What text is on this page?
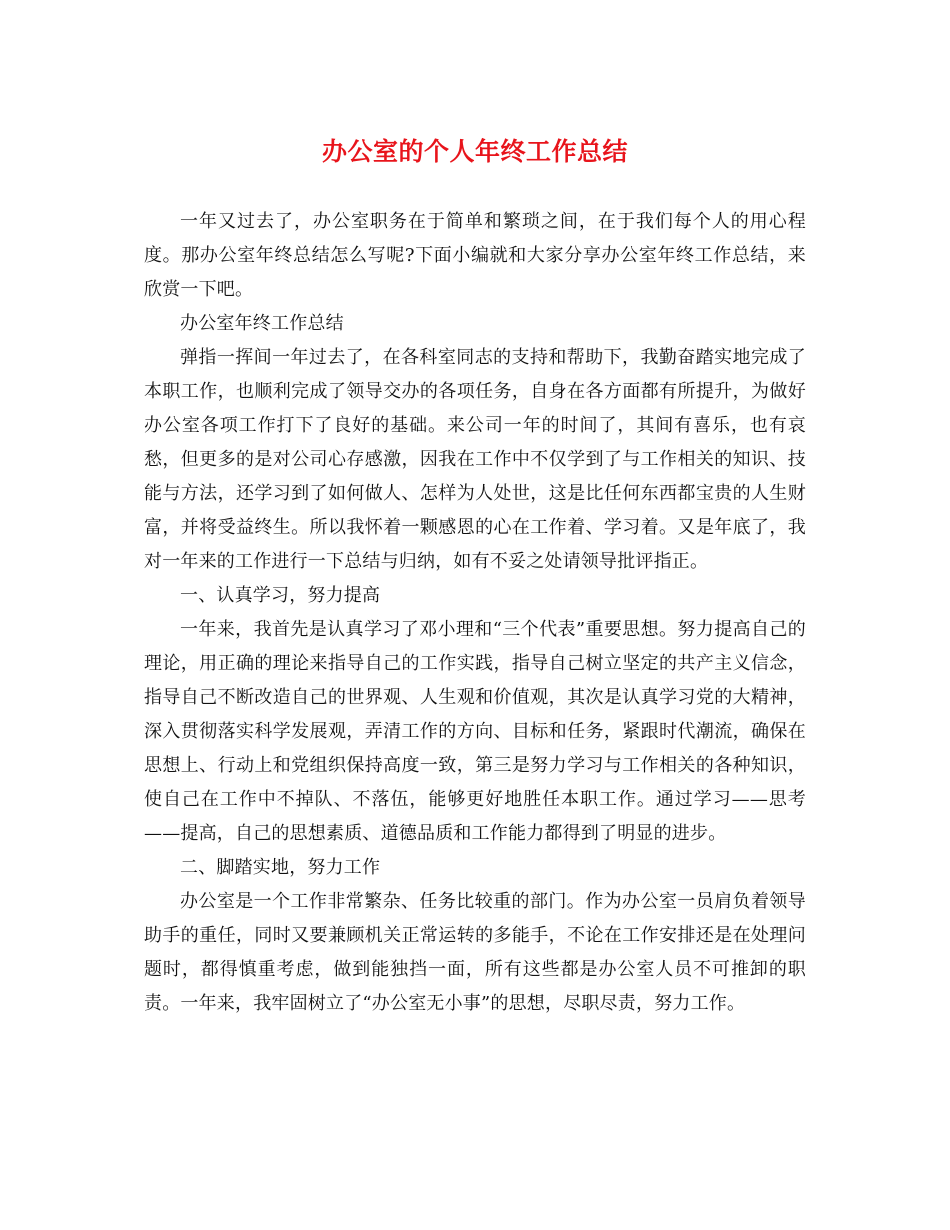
办公室的个人年终工作总结

一年又过去了，办公室职务在于简单和繁琐之间，在于我们每个人的用心程度。那办公室年终总结怎么写呢?下面小编就和大家分享办公室年终工作总结，来欣赏一下吧。

办公室年终工作总结

弹指一挥间一年过去了，在各科室同志的支持和帮助下，我勤奋踏实地完成了本职工作，也顺利完成了领导交办的各项任务，自身在各方面都有所提升，为做好办公室各项工作打下了良好的基础。来公司一年的时间了，其间有喜乐，也有哀愁，但更多的是对公司心存感激，因我在工作中不仅学到了与工作相关的知识、技能与方法，还学习到了如何做人、怎样为人处世，这是比任何东西都宝贵的人生财富，并将受益终生。所以我怀着一颗感恩的心在工作着、学习着。又是年底了，我对一年来的工作进行一下总结与归纳，如有不妥之处请领导批评指正。

一、认真学习，努力提高

一年来，我首先是认真学习了邓小理和“三个代表”重要思想。努力提高自己的理论，用正确的理论来指导自己的工作实践，指导自己树立坚定的共产主义信念，指导自己不断改造自己的世界观、人生观和价值观，其次是认真学习党的大精神，深入贯彻落实科学发展观，弄清工作的方向、目标和任务，紧跟时代潮流，确保在思想上、行动上和党组织保持高度一致，第三是努力学习与工作相关的各种知识，使自己在工作中不掉队、不落伍，能够更好地胜任本职工作。通过学习——思考——提高，自己的思想素质、道德品质和工作能力都得到了明显的进步。

二、脚踏实地，努力工作

办公室是一个工作非常繁杂、任务比较重的部门。作为办公室一员肩负着领导助手的重任，同时又要兼顾机关正常运转的多能手，不论在工作安排还是在处理问题时，都得慎重考虑，做到能独挡一面，所有这些都是办公室人员不可推卸的职责。一年来，我牢固树立了“办公室无小事”的思想，尽职尽责，努力工作。
